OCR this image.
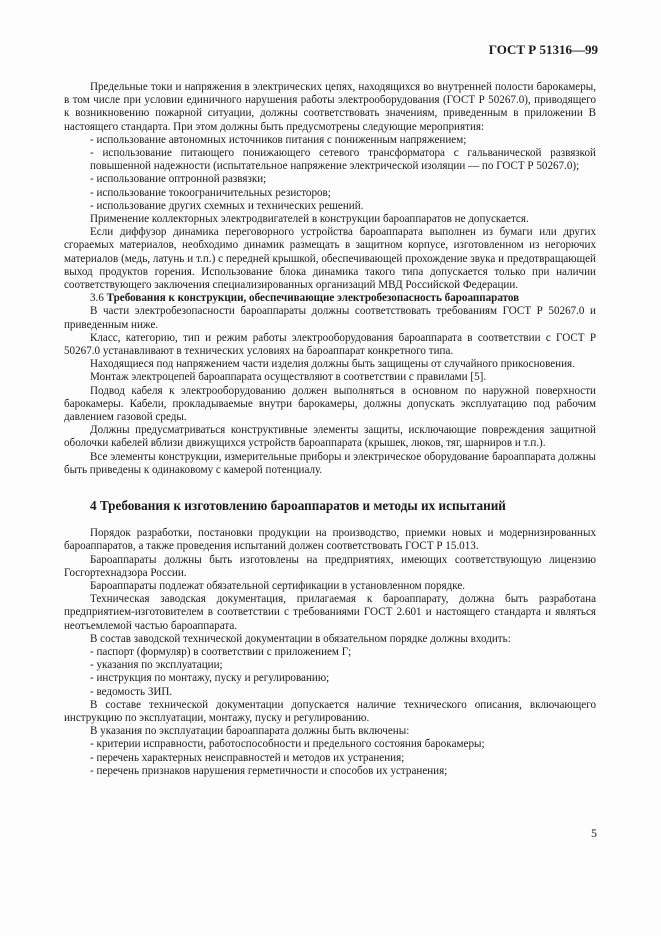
ГОСТ Р 51316—99

Предельные токи и напряжения в электрических цепях, находящихся во внутренней полости барокамеры, в том числе при условии единичного нарушения работы электрооборудования (ГОСТ Р 50267.0), приводящего к возникновению пожарной ситуации, должны соответствовать значениям, приведенным в приложении В настоящего стандарта. При этом должны быть предусмотрены следующие мероприятия:

- использование автономных источников питания с пониженным напряжением;

- использование питающего понижающего сетевого трансформатора с гальванической развязкой повышенной надежности (испытательное напряжение электрической изоляции — по ГОСТ Р 50267.0);

- использование оптронной развязки;

- использование токоограничительных резисторов;

- использование других схемных и технических решений.

Применение коллекторных электродвигателей в конструкции бароаппаратов не допускается.

Если диффузор динамика переговорного устройства бароаппарата выполнен из бумаги или других сгораемых материалов, необходимо динамик размещать в защитном корпусе, изготовленном из негорючих материалов (медь, латунь и т.п.) с передней крышкой, обеспечивающей прохождение звука и предотвращающей выход продуктов горения. Использование блока динамика такого типа допускается только при наличии соответствующего заключения специализированных организаций МВД Российской Федерации.

3.6 Требования к конструкции, обеспечивающие электробезопасность бароаппаратов

В части электробезопасности бароаппараты должны соответствовать требованиям ГОСТ Р 50267.0 и приведенным ниже.

Класс, категорию, тип и режим работы электрооборудования бароаппарата в соответствии с ГОСТ Р 50267.0 устанавливают в технических условиях на бароаппарат конкретного типа.

Находящиеся под напряжением части изделия должны быть защищены от случайного прикосновения.

Монтаж электроцепей бароаппарата осуществляют в соответствии с правилами [5].

Подвод кабеля к электрооборудованию должен выполняться в основном по наружной поверхности барокамеры. Кабели, прокладываемые внутри барокамеры, должны допускать эксплуатацию под рабочим давлением газовой среды.

Должны предусматриваться конструктивные элементы защиты, исключающие повреждения защитной оболочки кабелей вблизи движущихся устройств бароаппарата (крышек, люков, тяг, шарниров и т.п.).

Все элементы конструкции, измерительные приборы и электрическое оборудование бароаппарата должны быть приведены к одинаковому с камерой потенциалу.

4 Требования к изготовлению бароаппаратов и методы их испытаний

Порядок разработки, постановки продукции на производство, приемки новых и модернизированных бароаппаратов, а также проведения испытаний должен соответствовать ГОСТ Р 15.013.

Бароаппараты должны быть изготовлены на предприятиях, имеющих соответствующую лицензию Госгортехнадзора России.

Бароаппараты подлежат обязательной сертификации в установленном порядке.

Техническая заводская документация, прилагаемая к бароаппарату, должна быть разработана предприятием-изготовителем в соответствии с требованиями ГОСТ 2.601 и настоящего стандарта и являться неотъемлемой частью бароаппарата.

В состав заводской технической документации в обязательном порядке должны входить:

- паспорт (формуляр) в соответствии с приложением Г;

- указания по эксплуатации;

- инструкция по монтажу, пуску и регулированию;

- ведомость ЗИП.

В составе технической документации допускается наличие технического описания, включающего инструкцию по эксплуатации, монтажу, пуску и регулированию.

В указания по эксплуатации бароаппарата должны быть включены:

- критерии исправности, работоспособности и предельного состояния барокамеры;

- перечень характерных неисправностей и методов их устранения;

- перечень признаков нарушения герметичности и способов их устранения;

5
